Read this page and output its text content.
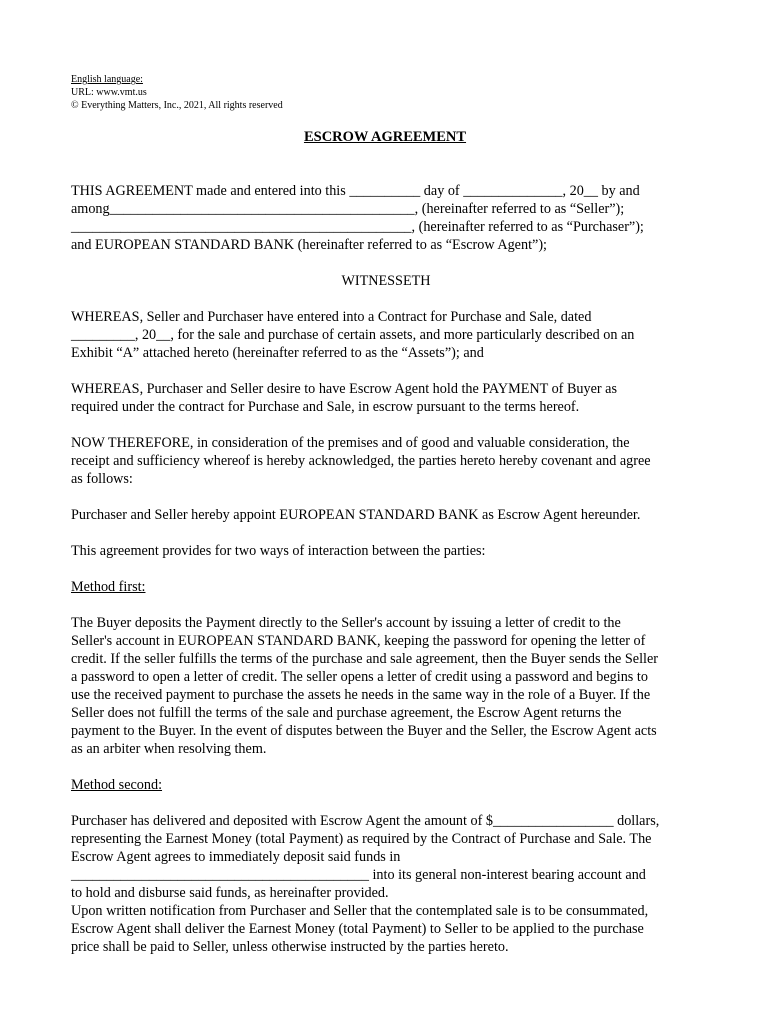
English language:
URL: www.vmt.us
© Everything Matters, Inc., 2021, All rights reserved
ESCROW AGREEMENT

THIS AGREEMENT made and entered into this __________ day of ______________, 20__ by and
among___________________________________________, (hereinafter referred to as “Seller”);
________________________________________________, (hereinafter referred to as “Purchaser”);
and EUROPEAN STANDARD BANK (hereinafter referred to as “Escrow Agent”);

WITNESSETH

WHEREAS, Seller and Purchaser have entered into a Contract for Purchase and Sale, dated
_________, 20__, for the sale and purchase of certain assets, and more particularly described on an
Exhibit “A” attached hereto (hereinafter referred to as the “Assets”); and

WHEREAS, Purchaser and Seller desire to have Escrow Agent hold the PAYMENT of Buyer as
required under the contract for Purchase and Sale, in escrow pursuant to the terms hereof.

NOW THEREFORE, in consideration of the premises and of good and valuable consideration, the
receipt and sufficiency whereof is hereby acknowledged, the parties hereto hereby covenant and agree
as follows:

Purchaser and Seller hereby appoint EUROPEAN STANDARD BANK as Escrow Agent hereunder.

This agreement provides for two ways of interaction between the parties:

Method first:

The Buyer deposits the Payment directly to the Seller's account by issuing a letter of credit to the
Seller's account in EUROPEAN STANDARD BANK, keeping the password for opening the letter of
credit. If the seller fulfills the terms of the purchase and sale agreement, then the Buyer sends the Seller
a password to open a letter of credit. The seller opens a letter of credit using a password and begins to
use the received payment to purchase the assets he needs in the same way in the role of a Buyer. If the
Seller does not fulfill the terms of the sale and purchase agreement, the Escrow Agent returns the
payment to the Buyer. In the event of disputes between the Buyer and the Seller, the Escrow Agent acts
as an arbiter when resolving them.

Method second:

Purchaser has delivered and deposited with Escrow Agent the amount of $_________________ dollars,
representing the Earnest Money (total Payment) as required by the Contract of Purchase and Sale. The
Escrow Agent agrees to immediately deposit said funds in
__________________________________________ into its general non-interest bearing account and
to hold and disburse said funds, as hereinafter provided.
Upon written notification from Purchaser and Seller that the contemplated sale is to be consummated,
Escrow Agent shall deliver the Earnest Money (total Payment) to Seller to be applied to the purchase
price shall be paid to Seller, unless otherwise instructed by the parties hereto.
